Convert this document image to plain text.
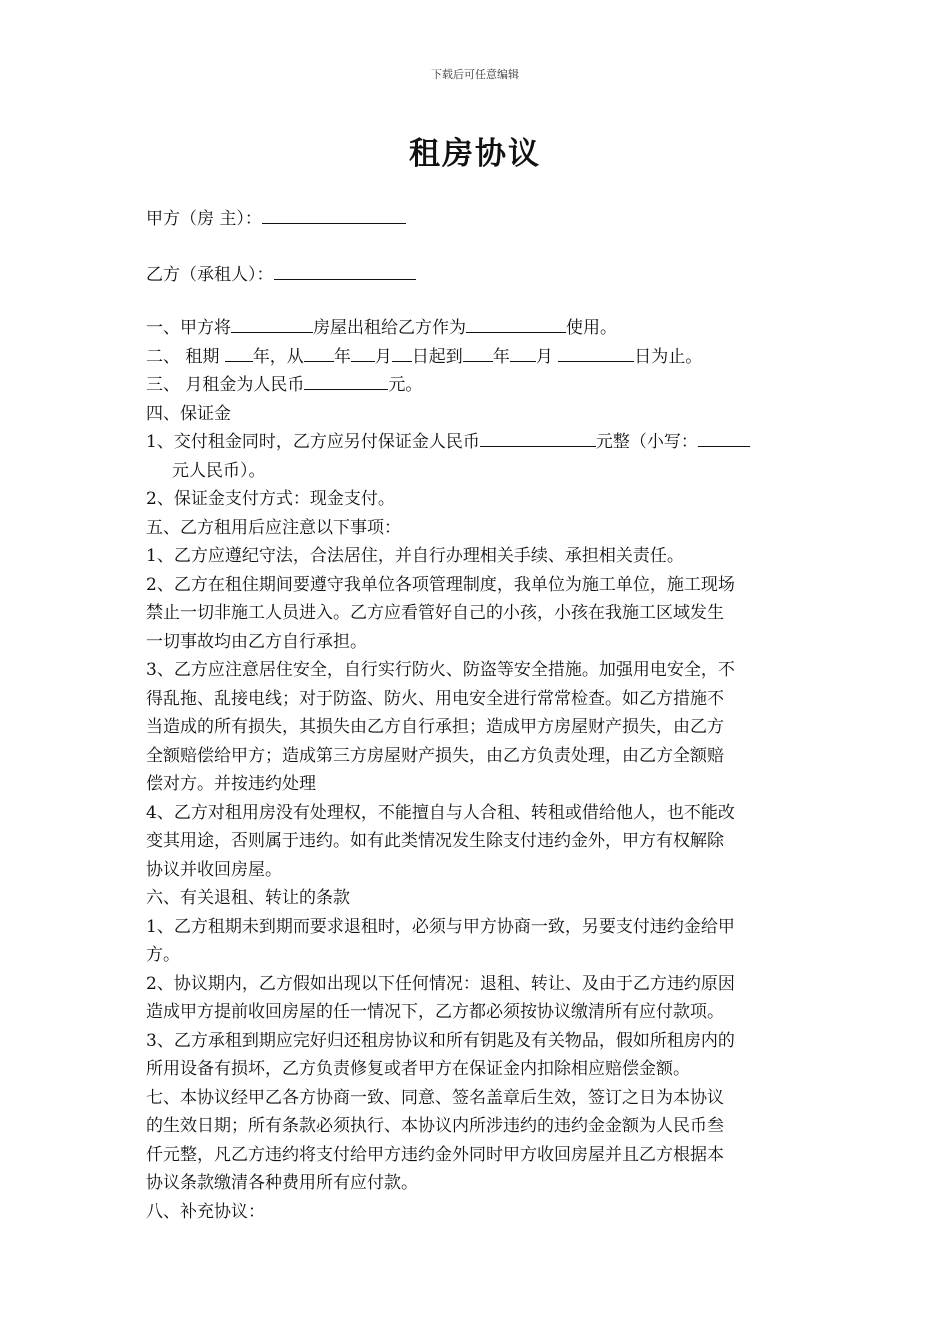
下载后可任意编辑
租房协议
甲方（房 主）：
乙方（承租人）：
一、甲方将	房屋出租给乙方作为	使用。
二、 租期 年，从 年 月 日起到 年 月	日为止。
三、 月租金为人民币	元。
四、保证金
1、交付租金同时，乙方应另付保证金人民币	元整（小写：
元人民币）。
2、保证金支付方式：现金支付。
五、乙方租用后应注意以下事项：
1、乙方应遵纪守法，合法居住，并自行办理相关手续、承担相关责任。
2、乙方在租住期间要遵守我单位各项管理制度，我单位为施工单位，施工现场
禁止一切非施工人员进入。乙方应看管好自己的小孩，小孩在我施工区域发生
一切事故均由乙方自行承担。
3、乙方应注意居住安全，自行实行防火、防盗等安全措施。加强用电安全，不
得乱拖、乱接电线；对于防盗、防火、用电安全进行常常检查。如乙方措施不
当造成的所有损失，其损失由乙方自行承担；造成甲方房屋财产损失，由乙方
全额赔偿给甲方；造成第三方房屋财产损失，由乙方负责处理，由乙方全额赔
偿对方。并按违约处理
4、乙方对租用房没有处理权，不能擅自与人合租、转租或借给他人，也不能改
变其用途，否则属于违约。如有此类情况发生除支付违约金外，甲方有权解除
协议并收回房屋。
六、有关退租、转让的条款
1、乙方租期未到期而要求退租时，必须与甲方协商一致，另要支付违约金给甲
方。
2、协议期内，乙方假如出现以下任何情况：退租、转让、及由于乙方违约原因
造成甲方提前收回房屋的任一情况下，乙方都必须按协议缴清所有应付款项。
3、乙方承租到期应完好归还租房协议和所有钥匙及有关物品，假如所租房内的
所用设备有损坏，乙方负责修复或者甲方在保证金内扣除相应赔偿金额。
七、本协议经甲乙各方协商一致、同意、签名盖章后生效，签订之日为本协议
的生效日期；所有条款必须执行、本协议内所涉违约的违约金金额为人民币叁
仟元整，凡乙方违约将支付给甲方违约金外同时甲方收回房屋并且乙方根据本
协议条款缴清各种费用所有应付款。
八、补充协议：
